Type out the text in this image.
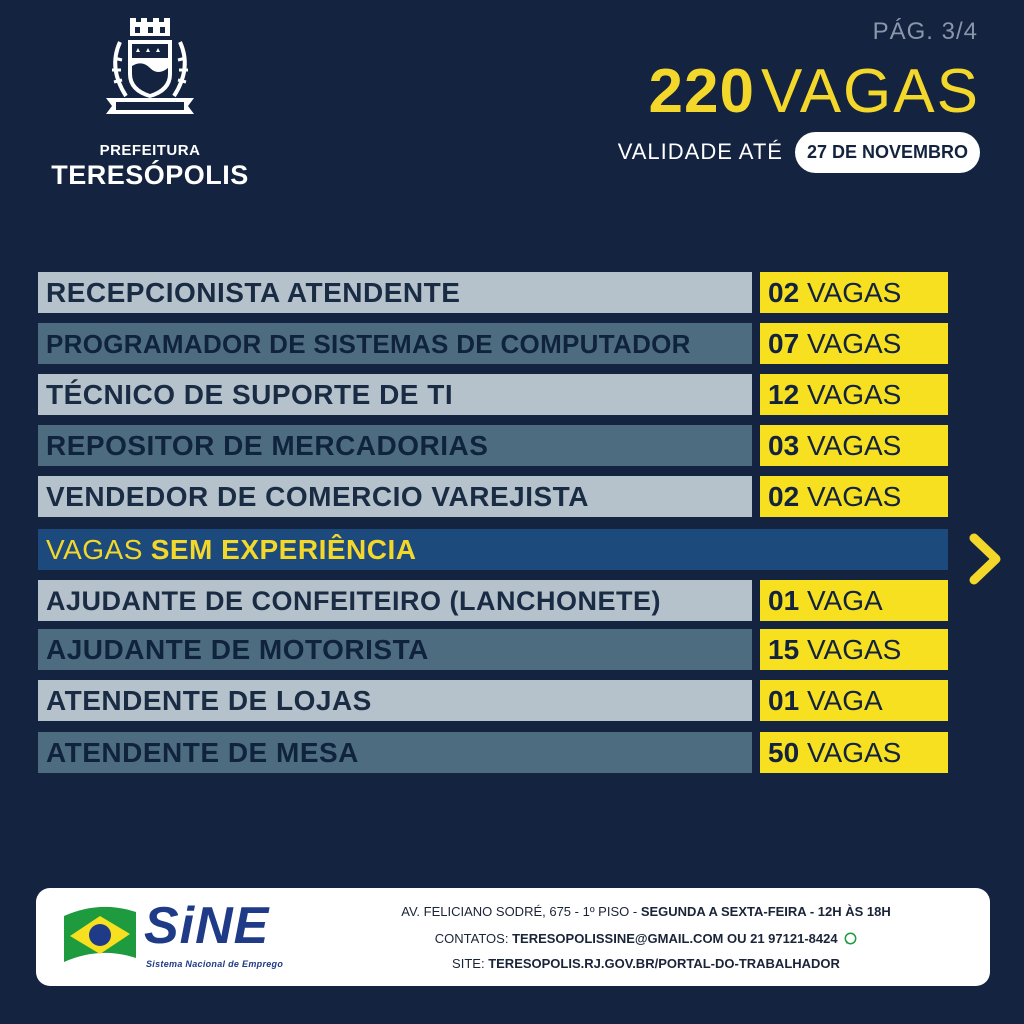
PREFEITURA
TERESÓPOLIS
PÁG. 3/4
220VAGAS
VALIDADE ATÉ	27 DE NOVEMBRO
RECEPCIONISTA ATENDENTE	02 VAGAS
PROGRAMADOR DE SISTEMAS DE COMPUTADOR	07 VAGAS
TÉCNICO DE SUPORTE DE TI	12 VAGAS
REPOSITOR DE MERCADORIAS	03 VAGAS
VENDEDOR DE COMERCIO VAREJISTA	02 VAGAS
VAGAS SEM EXPERIÊNCIA
AJUDANTE DE CONFEITEIRO (LANCHONETE)	01 VAGA
AJUDANTE DE MOTORISTA	15 VAGAS
ATENDENTE DE LOJAS	01 VAGA
ATENDENTE DE MESA	50 VAGAS
SiNE
Sistema Nacional de Emprego
AV. FELICIANO SODRÉ, 675 - 1º PISO - SEGUNDA A SEXTA-FEIRA - 12H ÀS 18H
CONTATOS: TERESOPOLISSINE@GMAIL.COM OU 21 97121-8424
SITE: TERESOPOLIS.RJ.GOV.BR/PORTAL-DO-TRABALHADOR
